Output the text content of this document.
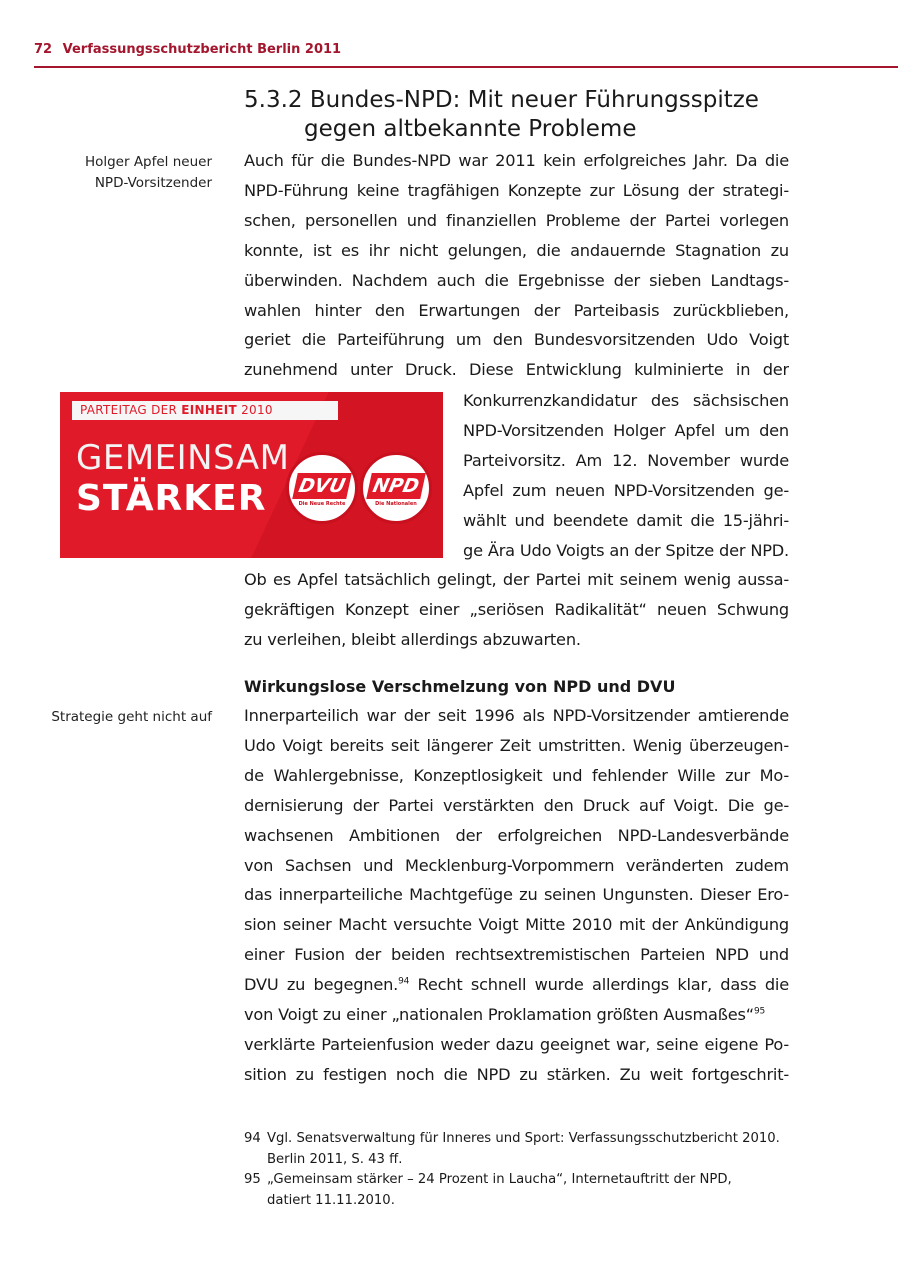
72 Verfassungsschutzbericht Berlin 2011
Holger Apfel neuer
NPD-Vorsitzender
Strategie geht nicht auf
5.3.2 Bundes-NPD: Mit neuer Führungsspitze
gegen altbekannte Probleme
Auch für die Bundes-NPD war 2011 kein erfolgreiches Jahr. Da die
NPD-Führung keine tragfähigen Konzepte zur Lösung der strategi-
schen, personellen und finanziellen Probleme der Partei vorlegen
konnte, ist es ihr nicht gelungen, die andauernde Stagnation zu
überwinden. Nachdem auch die Ergebnisse der sieben Landtags-
wahlen hinter den Erwartungen der Parteibasis zurückblieben,
geriet die Parteiführung um den Bundesvorsitzenden Udo Voigt
zunehmend unter Druck. Diese Entwicklung kulminierte in der
PARTEITAG DER EINHEIT 2010
GEMEINSAM
STÄRKER DVU
Die Neue Rechte
NPD
Die Nationalen
Konkurrenzkandidatur des sächsischen
NPD-Vorsitzenden Holger Apfel um den
Parteivorsitz. Am 12. November wurde
Apfel zum neuen NPD-Vorsitzenden ge-
wählt und beendete damit die 15-jähri-
ge Ära Udo Voigts an der Spitze der NPD.
Ob es Apfel tatsächlich gelingt, der Partei mit seinem wenig aussa-
gekräftigen Konzept einer „seriösen Radikalität“ neuen Schwung
zu verleihen, bleibt allerdings abzuwarten.
Wirkungslose Verschmelzung von NPD und DVU
Innerparteilich war der seit 1996 als NPD-Vorsitzender amtierende
Udo Voigt bereits seit längerer Zeit umstritten. Wenig überzeugen-
de Wahlergebnisse, Konzeptlosigkeit und fehlender Wille zur Mo-
dernisierung der Partei verstärkten den Druck auf Voigt. Die ge-
wachsenen Ambitionen der erfolgreichen NPD-Landesverbände
von Sachsen und Mecklenburg-Vorpommern veränderten zudem
das innerparteiliche Machtgefüge zu seinen Ungunsten. Dieser Ero-
sion seiner Macht versuchte Voigt Mitte 2010 mit der Ankündigung
einer Fusion der beiden rechtsextremistischen Parteien NPD und
DVU zu begegnen.$^{94}$ Recht schnell wurde allerdings klar, dass die
von Voigt zu einer „nationalen Proklamation größten Ausmaßes“$^{95}$
verklärte Parteienfusion weder dazu geeignet war, seine eigene Po-
sition zu festigen noch die NPD zu stärken. Zu weit fortgeschrit-
94 Vgl. Senatsverwaltung für Inneres und Sport: Verfassungsschutzbericht 2010.
Berlin 2011, S. 43 ff.
95 „Gemeinsam stärker – 24 Prozent in Laucha“, Internetauftritt der NPD,
datiert 11.11.2010.
